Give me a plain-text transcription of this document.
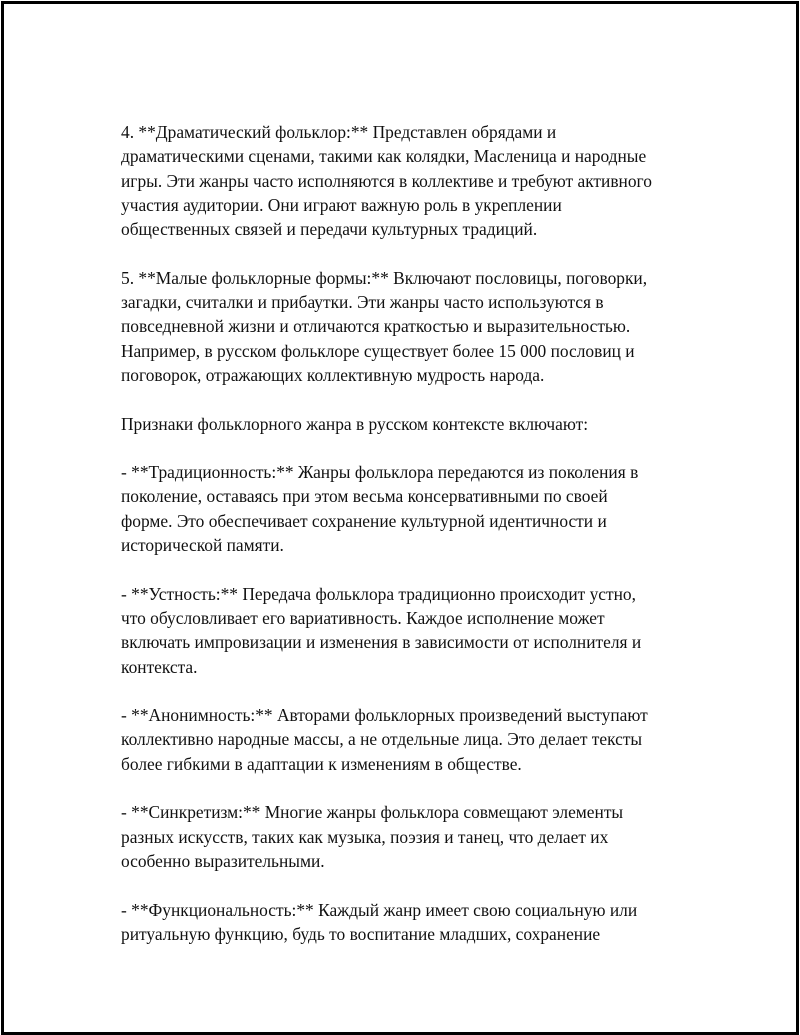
4. **Драматический фольклор:** Представлен обрядами и
драматическими сценами, такими как колядки, Масленица и народные
игры. Эти жанры часто исполняются в коллективе и требуют активного
участия аудитории. Они играют важную роль в укреплении
общественных связей и передачи культурных традиций.
5. **Малые фольклорные формы:** Включают пословицы, поговорки,
загадки, считалки и прибаутки. Эти жанры часто используются в
повседневной жизни и отличаются краткостью и выразительностью.
Например, в русском фольклоре существует более 15 000 пословиц и
поговорок, отражающих коллективную мудрость народа.
Признаки фольклорного жанра в русском контексте включают:
- **Традиционность:** Жанры фольклора передаются из поколения в
поколение, оставаясь при этом весьма консервативными по своей
форме. Это обеспечивает сохранение культурной идентичности и
исторической памяти.
- **Устность:** Передача фольклора традиционно происходит устно,
что обусловливает его вариативность. Каждое исполнение может
включать импровизации и изменения в зависимости от исполнителя и
контекста.
- **Анонимность:** Авторами фольклорных произведений выступают
коллективно народные массы, а не отдельные лица. Это делает тексты
более гибкими в адаптации к изменениям в обществе.
- **Синкретизм:** Многие жанры фольклора совмещают элементы
разных искусств, таких как музыка, поэзия и танец, что делает их
особенно выразительными.
- **Функциональность:** Каждый жанр имеет свою социальную или
ритуальную функцию, будь то воспитание младших, сохранение
